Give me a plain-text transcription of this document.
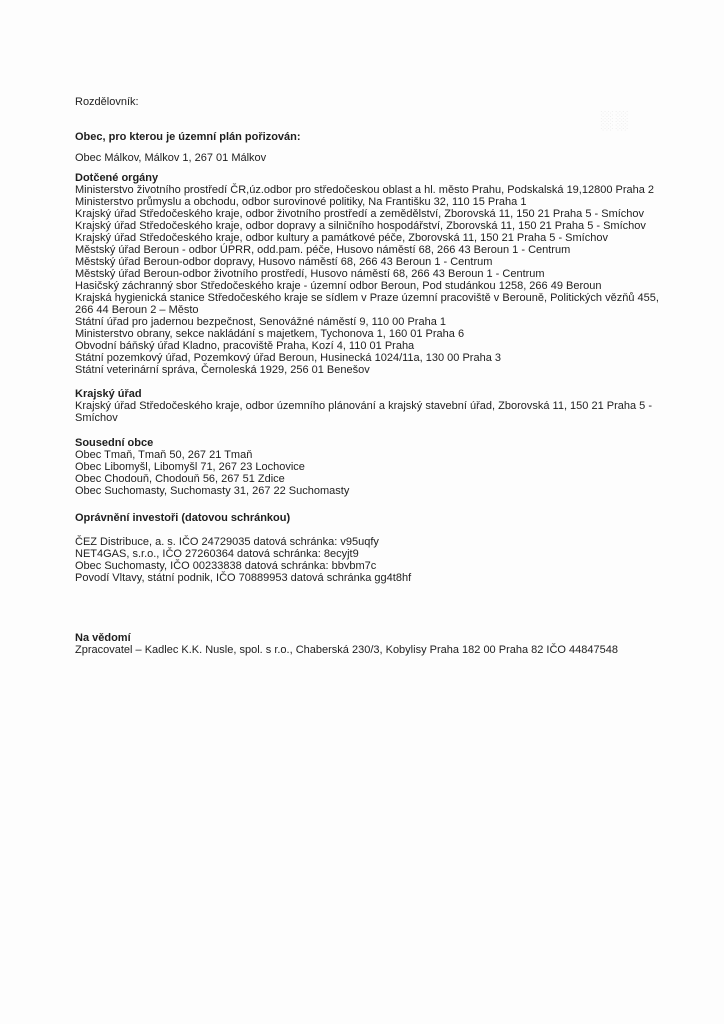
░░

Rozdělovník:

Obec, pro kterou je územní plán pořizován:

Obec Málkov, Málkov 1, 267 01 Málkov

Dotčené orgány

Ministerstvo životního prostředí ČR,úz.odbor pro středočeskou oblast a hl. město Prahu, Podskalská 19,12800 Praha 2
Ministerstvo průmyslu a obchodu, odbor surovinové politiky, Na Františku 32, 110 15 Praha 1
Krajský úřad Středočeského kraje, odbor životního prostředí a zemědělství, Zborovská 11, 150 21 Praha 5 - Smíchov
Krajský úřad Středočeského kraje, odbor dopravy a silničního hospodářství, Zborovská 11, 150 21 Praha 5 - Smíchov
Krajský úřad Středočeského kraje, odbor kultury a památkové péče, Zborovská 11, 150 21 Praha 5 - Smíchov
Městský úřad Beroun - odbor ÚPRR, odd.pam. péče, Husovo náměstí 68, 266 43 Beroun 1 - Centrum
Městský úřad Beroun-odbor dopravy, Husovo náměstí 68, 266 43 Beroun 1 - Centrum
Městský úřad Beroun-odbor životního prostředí, Husovo náměstí 68, 266 43 Beroun 1 - Centrum
Hasičský záchranný sbor Středočeského kraje - územní odbor Beroun, Pod studánkou 1258, 266 49 Beroun
Krajská hygienická stanice Středočeského kraje se sídlem v Praze územní pracoviště v Berouně, Politických vězňů 455, 266 44 Beroun 2 – Město
Státní úřad pro jadernou bezpečnost, Senovážné náměstí 9, 110 00 Praha 1
Ministerstvo obrany, sekce nakládání s majetkem, Tychonova 1, 160 01 Praha 6
Obvodní báňský úřad Kladno, pracoviště Praha, Kozí 4, 110 01 Praha
Státní pozemkový úřad, Pozemkový úřad Beroun, Husinecká 1024/11a, 130 00 Praha 3
Státní veterinární správa, Černoleská 1929, 256 01 Benešov

Krajský úřad

Krajský úřad Středočeského kraje, odbor územního plánování a krajský stavební úřad, Zborovská 11, 150 21 Praha 5 - Smíchov

Sousední obce

Obec Tmaň, Tmaň 50, 267 21 Tmaň
Obec Libomyšl, Libomyšl 71, 267 23 Lochovice
Obec Chodouň, Chodouň 56, 267 51 Zdice
Obec Suchomasty, Suchomasty 31, 267 22 Suchomasty

Oprávnění investoři (datovou schránkou)

ČEZ Distribuce, a. s. IČO 24729035 datová schránka: v95uqfy
NET4GAS, s.r.o., IČO 27260364 datová schránka: 8ecyjt9
Obec Suchomasty, IČO 00233838 datová schránka: bbvbm7c
Povodí Vltavy, státní podnik, IČO 70889953 datová schránka gg4t8hf

Na vědomí

Zpracovatel – Kadlec K.K. Nusle, spol. s r.o., Chaberská 230/3, Kobylisy Praha 182 00 Praha 82 IČO 44847548
